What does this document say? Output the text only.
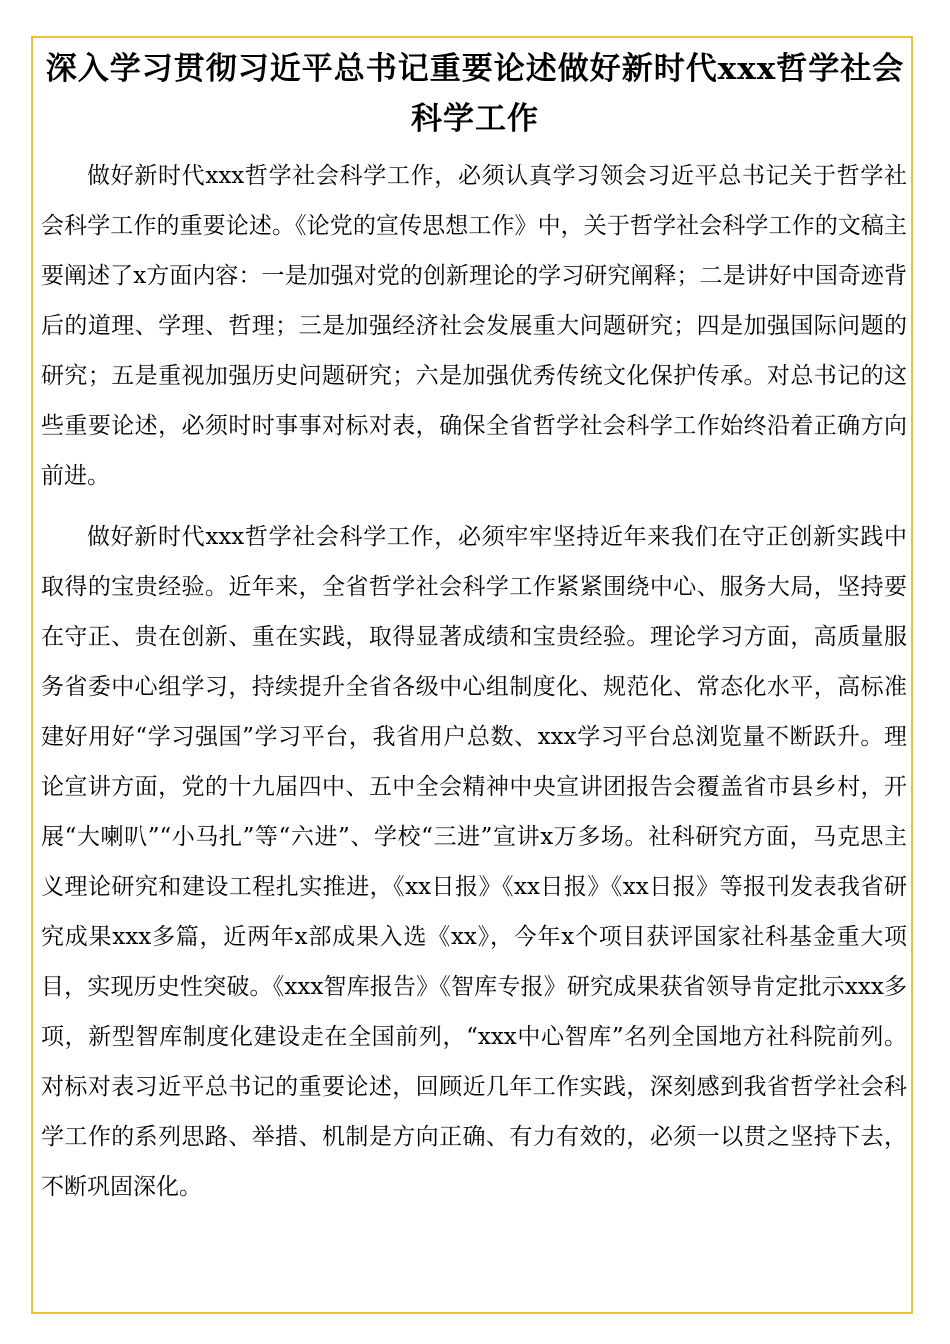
深入学习贯彻习近平总书记重要论述做好新时代xxx哲学社会科学工作

做好新时代xxx哲学社会科学工作，必须认真学习领会习近平总书记关于哲学社会科学工作的重要论述。《论党的宣传思想工作》中，关于哲学社会科学工作的文稿主要阐述了x方面内容：一是加强对党的创新理论的学习研究阐释；二是讲好中国奇迹背后的道理、学理、哲理；三是加强经济社会发展重大问题研究；四是加强国际问题的研究；五是重视加强历史问题研究；六是加强优秀传统文化保护传承。对总书记的这些重要论述，必须时时事事对标对表，确保全省哲学社会科学工作始终沿着正确方向前进。

做好新时代xxx哲学社会科学工作，必须牢牢坚持近年来我们在守正创新实践中取得的宝贵经验。近年来，全省哲学社会科学工作紧紧围绕中心、服务大局，坚持要在守正、贵在创新、重在实践，取得显著成绩和宝贵经验。理论学习方面，高质量服务省委中心组学习，持续提升全省各级中心组制度化、规范化、常态化水平，高标准建好用好“学习强国”学习平台，我省用户总数、xxx学习平台总浏览量不断跃升。理论宣讲方面，党的十九届四中、五中全会精神中央宣讲团报告会覆盖省市县乡村，开展“大喇叭”“小马扎”等“六进”、学校“三进”宣讲x万多场。社科研究方面，马克思主义理论研究和建设工程扎实推进，《xx日报》《xx日报》《xx日报》等报刊发表我省研究成果xxx多篇，近两年x部成果入选《xx》，今年x个项目获评国家社科基金重大项目，实现历史性突破。《xxx智库报告》《智库专报》研究成果获省领导肯定批示xxx多项，新型智库制度化建设走在全国前列，“xxx中心智库”名列全国地方社科院前列。对标对表习近平总书记的重要论述，回顾近几年工作实践，深刻感到我省哲学社会科学工作的系列思路、举措、机制是方向正确、有力有效的，必须一以贯之坚持下去，不断巩固深化。
